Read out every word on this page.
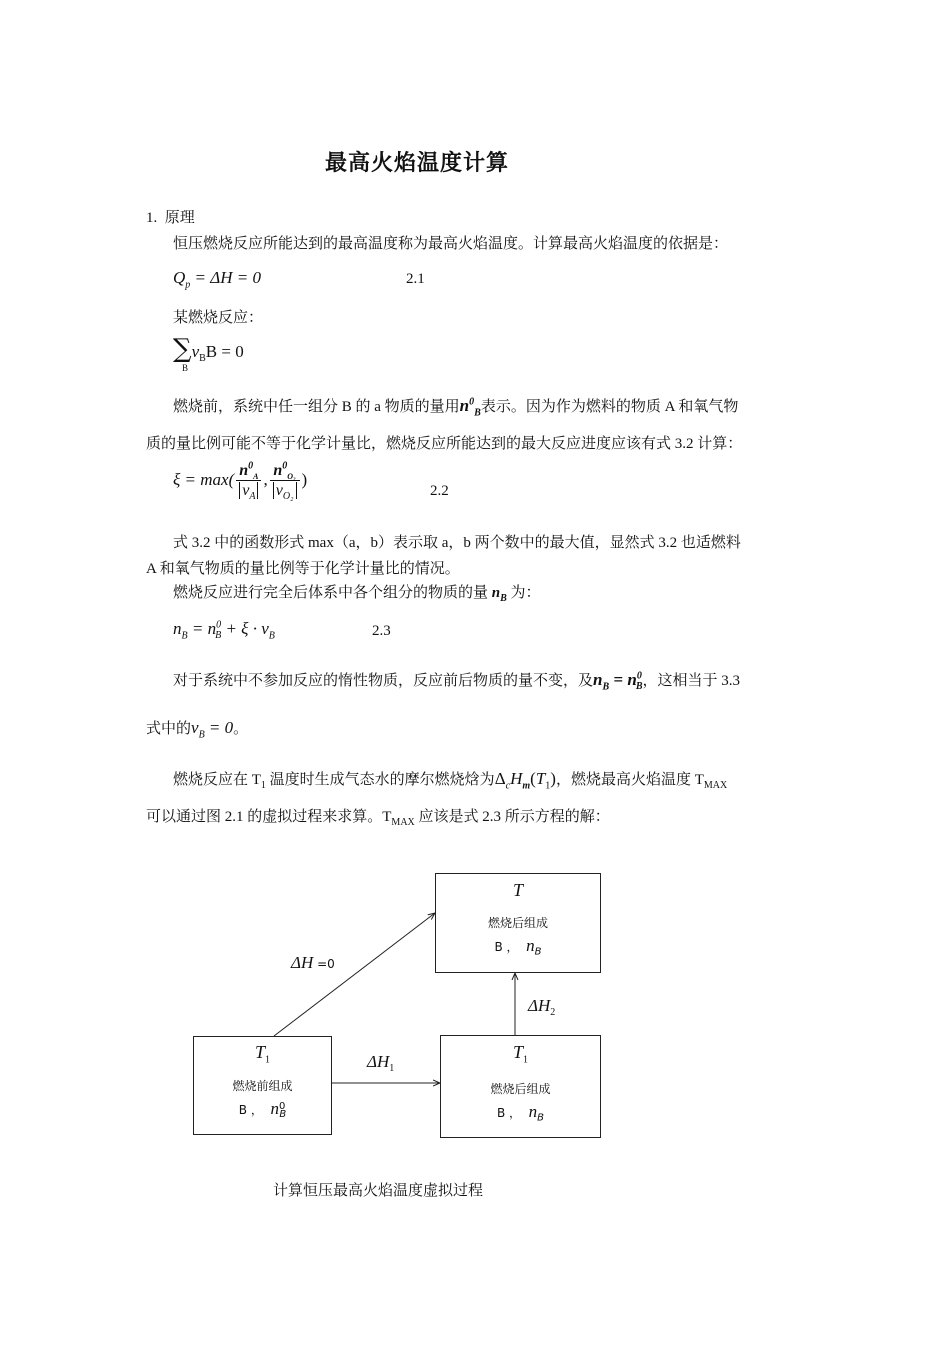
最高火焰温度计算
1. 原理
恒压燃烧反应所能达到的最高温度称为最高火焰温度。计算最高火焰温度的依据是：
$Q_p = \Delta H = 0$	2.1
某燃烧反应：
$\sum\nu_BB = 0$
B
燃烧前，系统中任一组分 B 的 a 物质的量用$n^0_B$表示。因为作为燃料的物质 A 和氧气物
质的量比例可能不等于化学计量比，燃烧反应所能达到的最大反应进度应该有式 3.2 计算：
$\xi = \max( \frac{n^0_A}{\nu_A}$ , $\frac{n^0_{O_2}}{\nu_{O_2}}$ )
2.2
式 3.2 中的函数形式 max（a，b）表示取 a，b 两个数中的最大值，显然式 3.2 也适燃料
A 和氧气物质的量比例等于化学计量比的情况。
燃烧反应进行完全后体系中各个组分的物质的量 $n_B$ 为：
$n_B = n^0_B + \xi \cdot \nu_B$	2.3
对于系统中不参加反应的惰性物质，反应前后物质的量不变，及$n_B = n^0_B$，这相当于 3.3
式中的$\nu_B = 0$。
燃烧反应在 $T_1$ 温度时生成气态水的摩尔燃烧焓为$\Delta_cH_m(T_1)$，燃烧最高火焰温度 $T_{MAX}$
可以通过图 2.1 的虚拟过程来求算。$T_{MAX}$ 应该是式 2.3 所示方程的解：
T
燃烧后组成
B ， $n_B$
$T_1$
燃烧前组成
B ， $n^0_B$
$T_1$
燃烧后组成
B ， $n_B$
ΔH =0
$\Delta H_1$
$\Delta H_2$
计算恒压最高火焰温度虚拟过程
